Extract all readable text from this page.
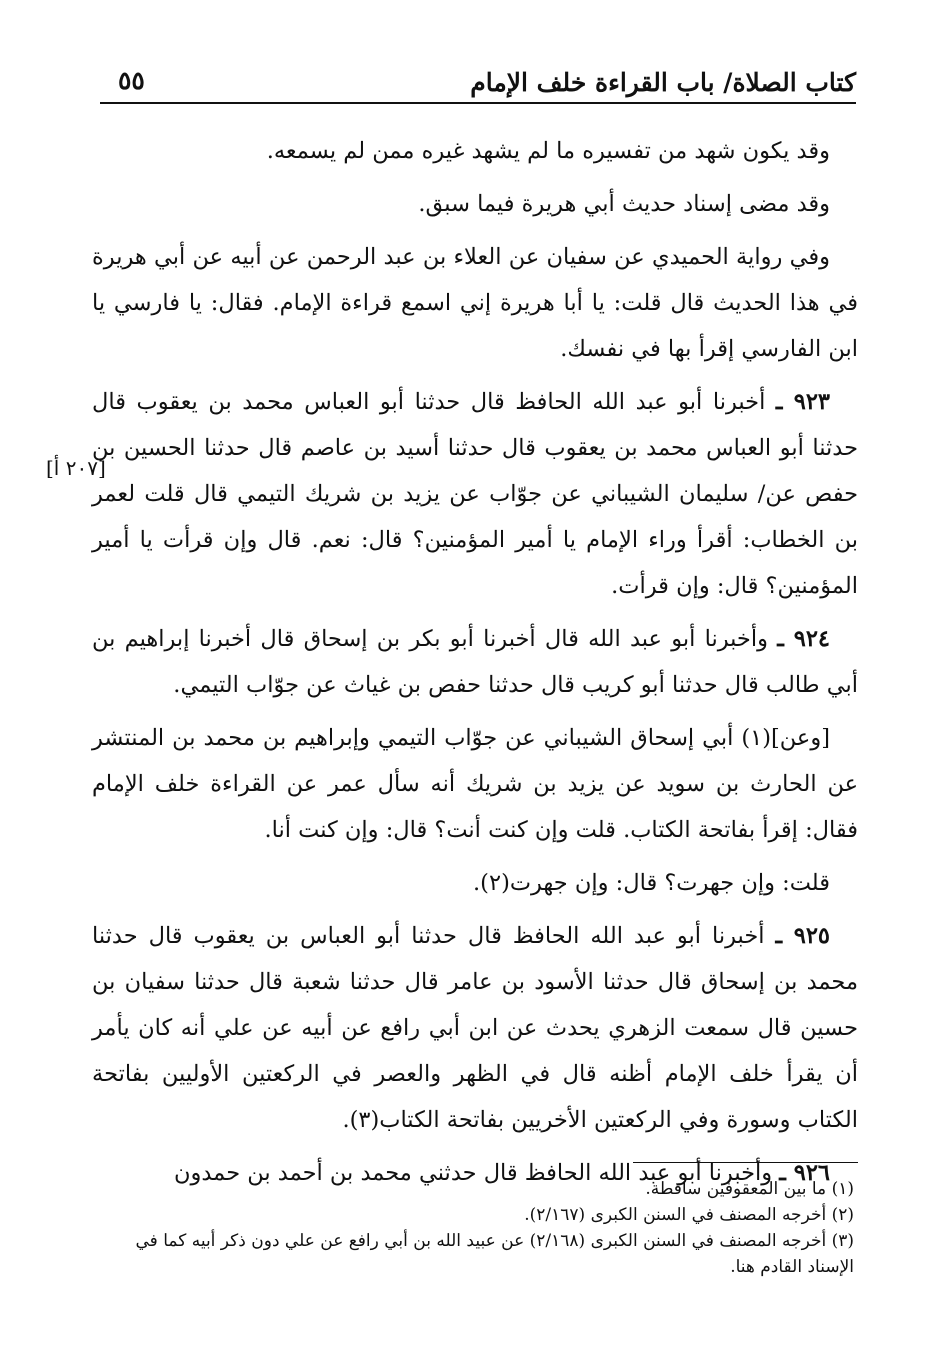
كتاب الصلاة/ باب القراءة خلف الإمام
٥٥
[٢٠٧ أ]

وقد يكون شهد من تفسيره ما لم يشهد غيره ممن لم يسمعه.

وقد مضى إسناد حديث أبي هريرة فيما سبق.

وفي رواية الحميدي عن سفيان عن العلاء بن عبد الرحمن عن أبيه عن أبي هريرة في هذا الحديث قال قلت: يا أبا هريرة إني اسمع قراءة الإمام. فقال: يا فارسي يا ابن الفارسي إقرأ بها في نفسك.

٩٢٣ ـ أخبرنا أبو عبد الله الحافظ قال حدثنا أبو العباس محمد بن يعقوب قال حدثنا أبو العباس محمد بن يعقوب قال حدثنا أسيد بن عاصم قال حدثنا الحسين بن حفص عن/ سليمان الشيباني عن جوّاب عن يزيد بن شريك التيمي قال قلت لعمر بن الخطاب: أقرأ وراء الإمام يا أمير المؤمنين؟ قال: نعم. قال وإن قرأت يا أمير المؤمنين؟ قال: وإن قرأت.

٩٢٤ ـ وأخبرنا أبو عبد الله قال أخبرنا أبو بكر بن إسحاق قال أخبرنا إبراهيم بن أبي طالب قال حدثنا أبو كريب قال حدثنا حفص بن غياث عن جوّاب التيمي.

[وعن](١) أبي إسحاق الشيباني عن جوّاب التيمي وإبراهيم بن محمد بن المنتشر عن الحارث بن سويد عن يزيد بن شريك أنه سأل عمر عن القراءة خلف الإمام فقال: إقرأ بفاتحة الكتاب. قلت وإن كنت أنت؟ قال: وإن كنت أنا.

قلت: وإن جهرت؟ قال: وإن جهرت(٢).

٩٢٥ ـ أخبرنا أبو عبد الله الحافظ قال حدثنا أبو العباس بن يعقوب قال حدثنا محمد بن إسحاق قال حدثنا الأسود بن عامر قال حدثنا شعبة قال حدثنا سفيان بن حسين قال سمعت الزهري يحدث عن ابن أبي رافع عن أبيه عن علي أنه كان يأمر أن يقرأ خلف الإمام أظنه قال في الظهر والعصر في الركعتين الأوليين بفاتحة الكتاب وسورة وفي الركعتين الأخريين بفاتحة الكتاب(٣).

٩٢٦ ـ وأخبرنا أبو عبد الله الحافظ قال حدثني محمد بن أحمد بن حمدون

(١) ما بين المعقوفين ساقطة.

(٢) أخرجه المصنف في السنن الكبرى (٢/١٦٧).

(٣) أخرجه المصنف في السنن الكبرى (٢/١٦٨) عن عبيد الله بن أبي رافع عن علي دون ذكر أبيه كما في الإسناد القادم هنا.
